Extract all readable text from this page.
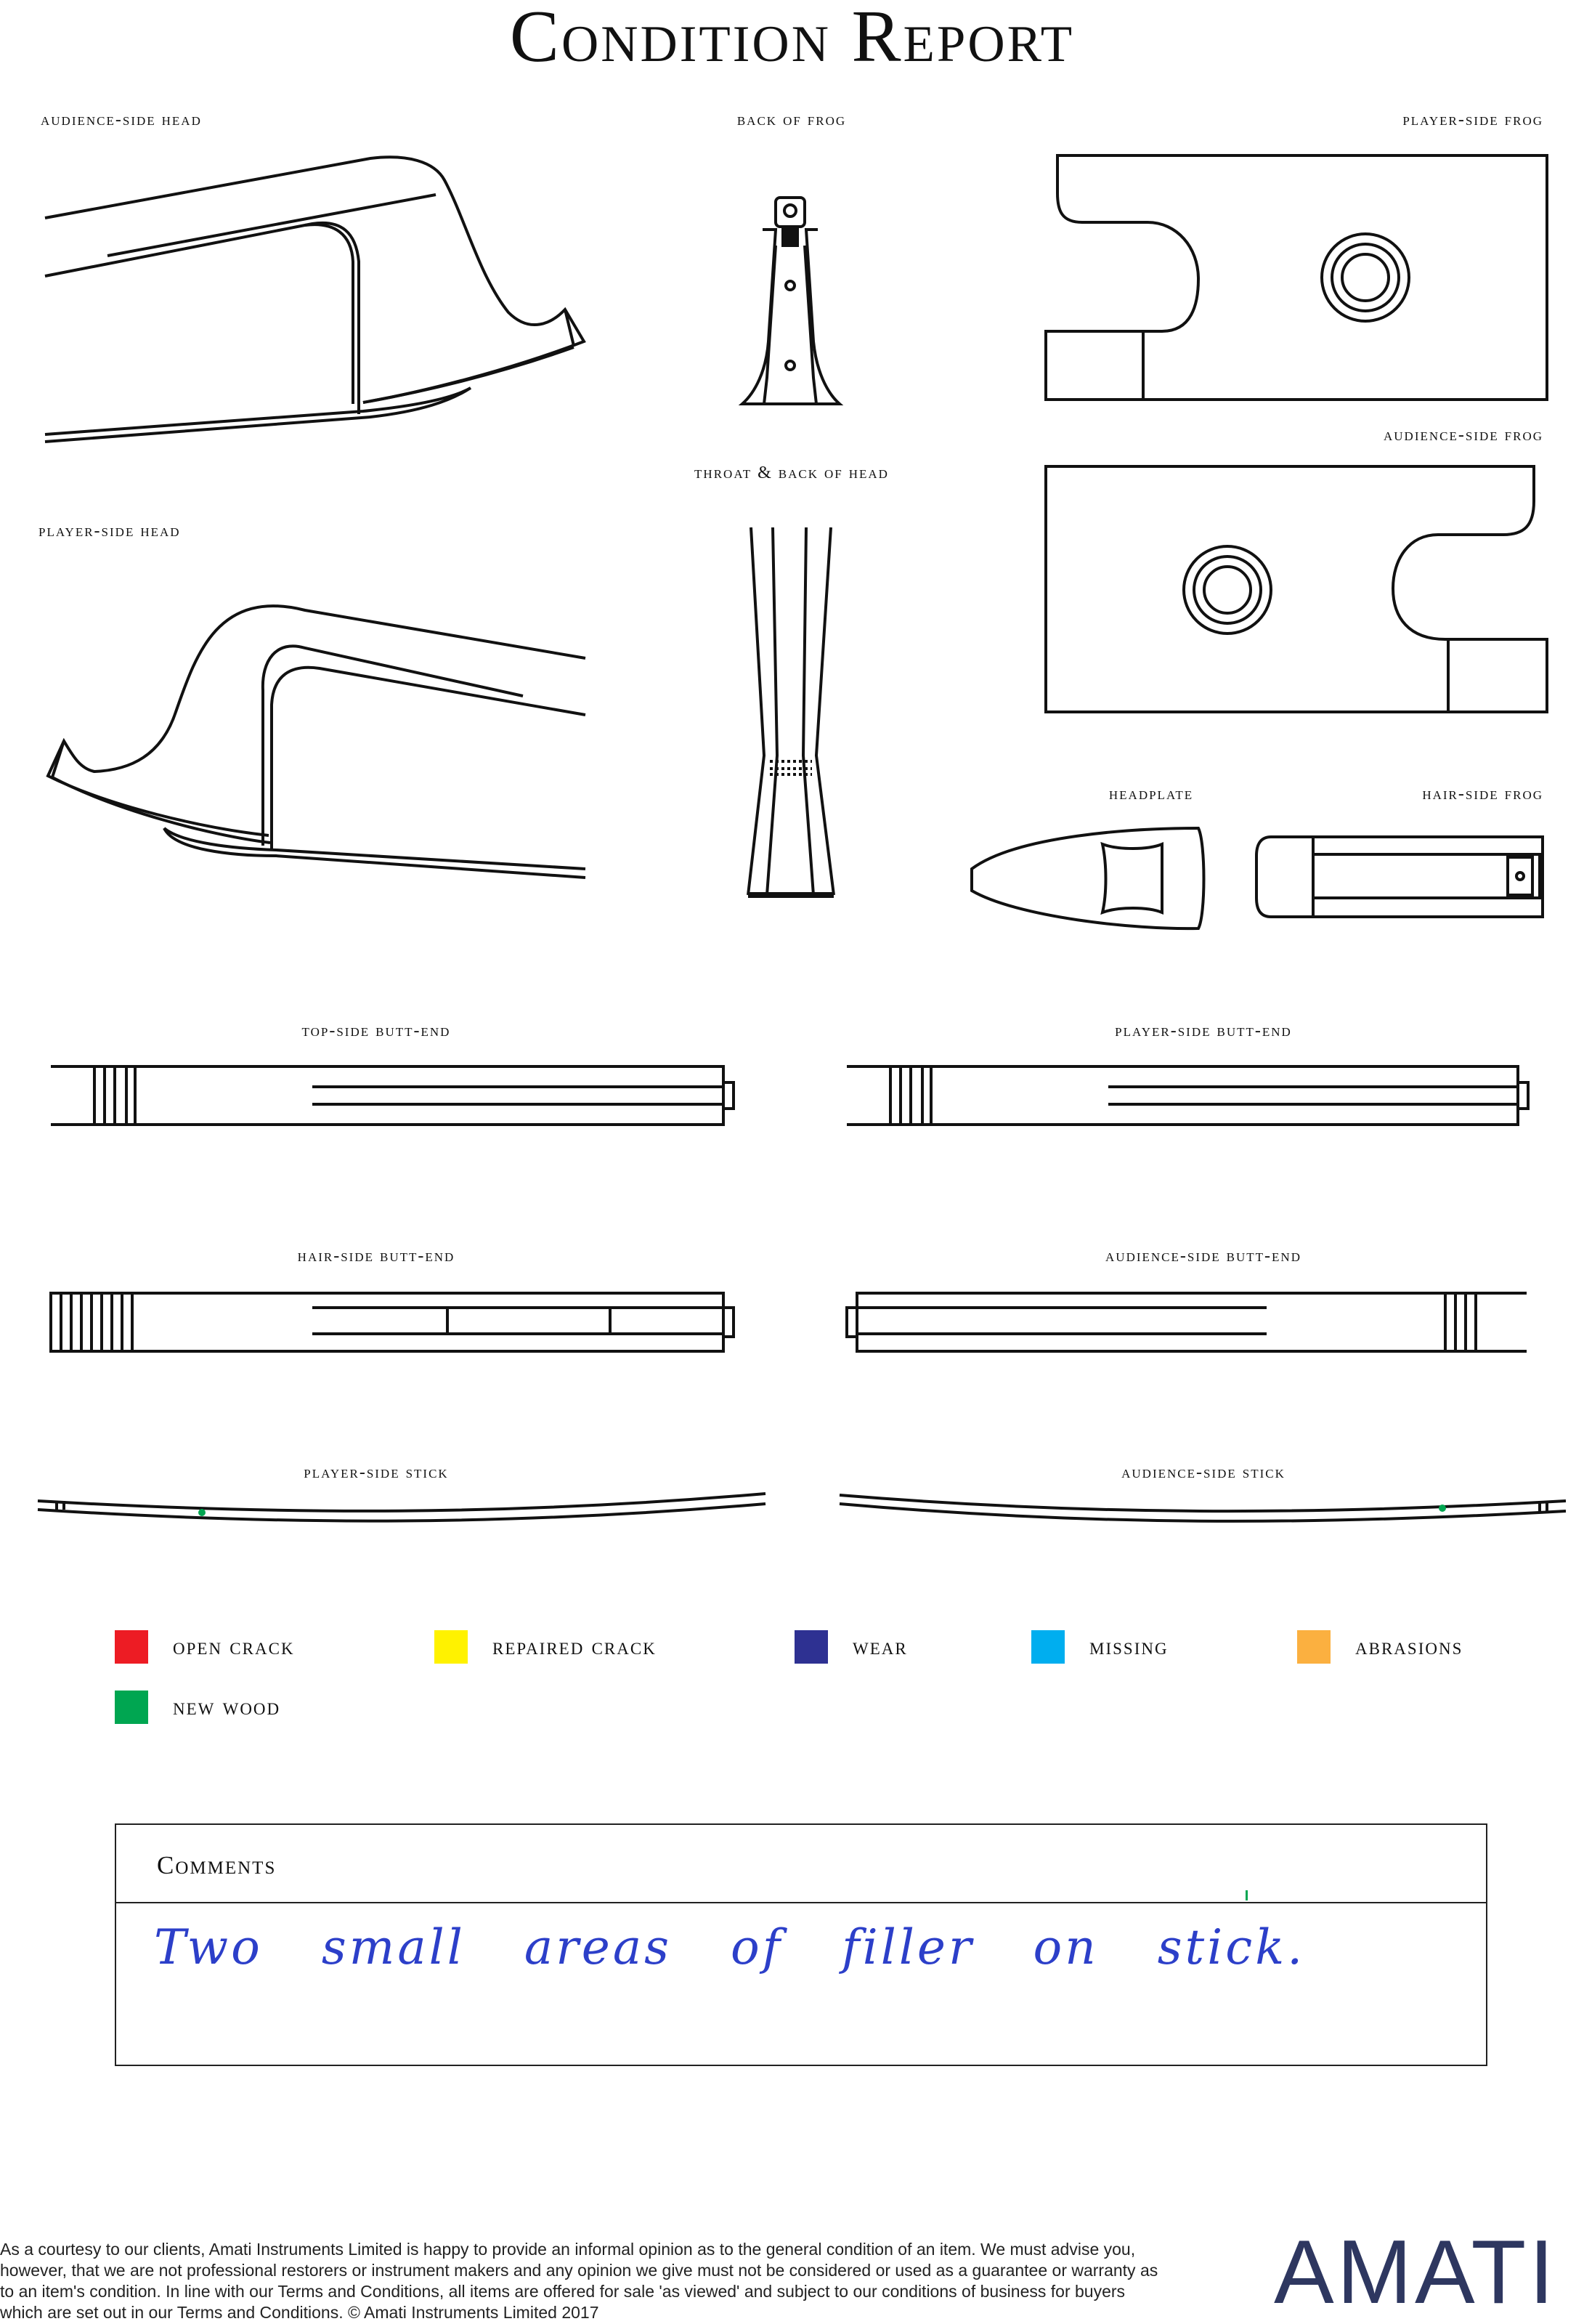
Condition Report
audience-side head	back of frog	player-side frog
audience-side frog
throat & back of head
player-side head
headplate	hair-side frog
top-side butt-end	player-side butt-end
hair-side butt-end	audience-side butt-end
player-side stick	audience-side stick
open crack	repaired crack	wear	missing	abrasions
new wood
Comments
Two small areas of filler on stick.
As a courtesy to our clients, Amati Instruments Limited is happy to provide an informal opinion as to the general condition of an item. We must advise you, however, that we are not professional restorers or instrument makers and any opinion we give must not be considered or used as a guarantee or warranty as to an item's condition. In line with our Terms and Conditions, all items are offered for sale 'as viewed' and subject to our conditions of business for buyers which are set out in our Terms and Conditions. © Amati Instruments Limited 2017	AMATI
